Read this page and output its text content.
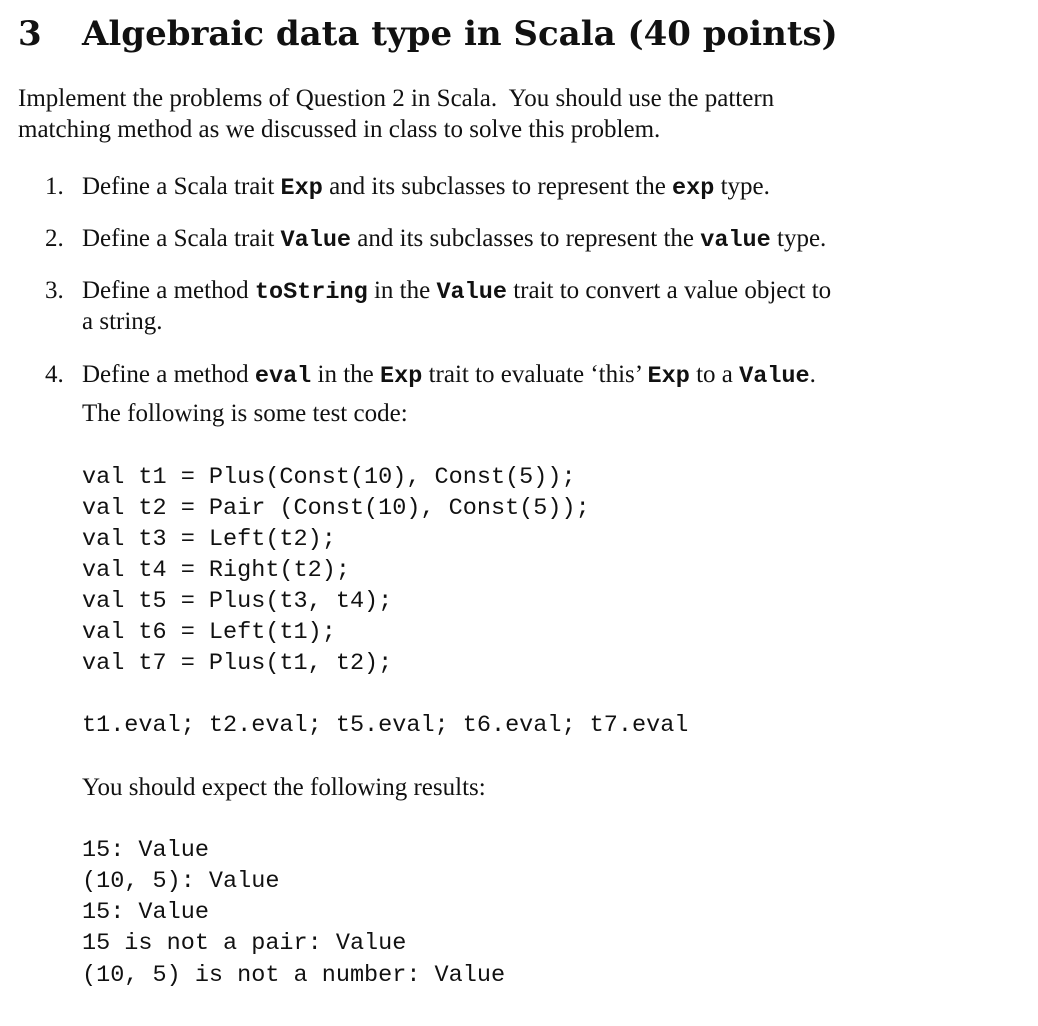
3 Algebraic data type in Scala (40 points)
Implement the problems of Question 2 in Scala.  You should use the pattern
matching method as we discussed in class to solve this problem.
1. Define a Scala trait Exp and its subclasses to represent the exp type.
2. Define a Scala trait Value and its subclasses to represent the value type.
3. Define a method toString in the Value trait to convert a value object to
a string.
4. Define a method eval in the Exp trait to evaluate ‘this’ Exp to a Value.
The following is some test code:
val t1 = Plus(Const(10), Const(5));
val t2 = Pair (Const(10), Const(5));
val t3 = Left(t2);
val t4 = Right(t2);
val t5 = Plus(t3, t4);
val t6 = Left(t1);
val t7 = Plus(t1, t2);
t1.eval; t2.eval; t5.eval; t6.eval; t7.eval
You should expect the following results:
15: Value
(10, 5): Value
15: Value
15 is not a pair: Value
(10, 5) is not a number: Value
